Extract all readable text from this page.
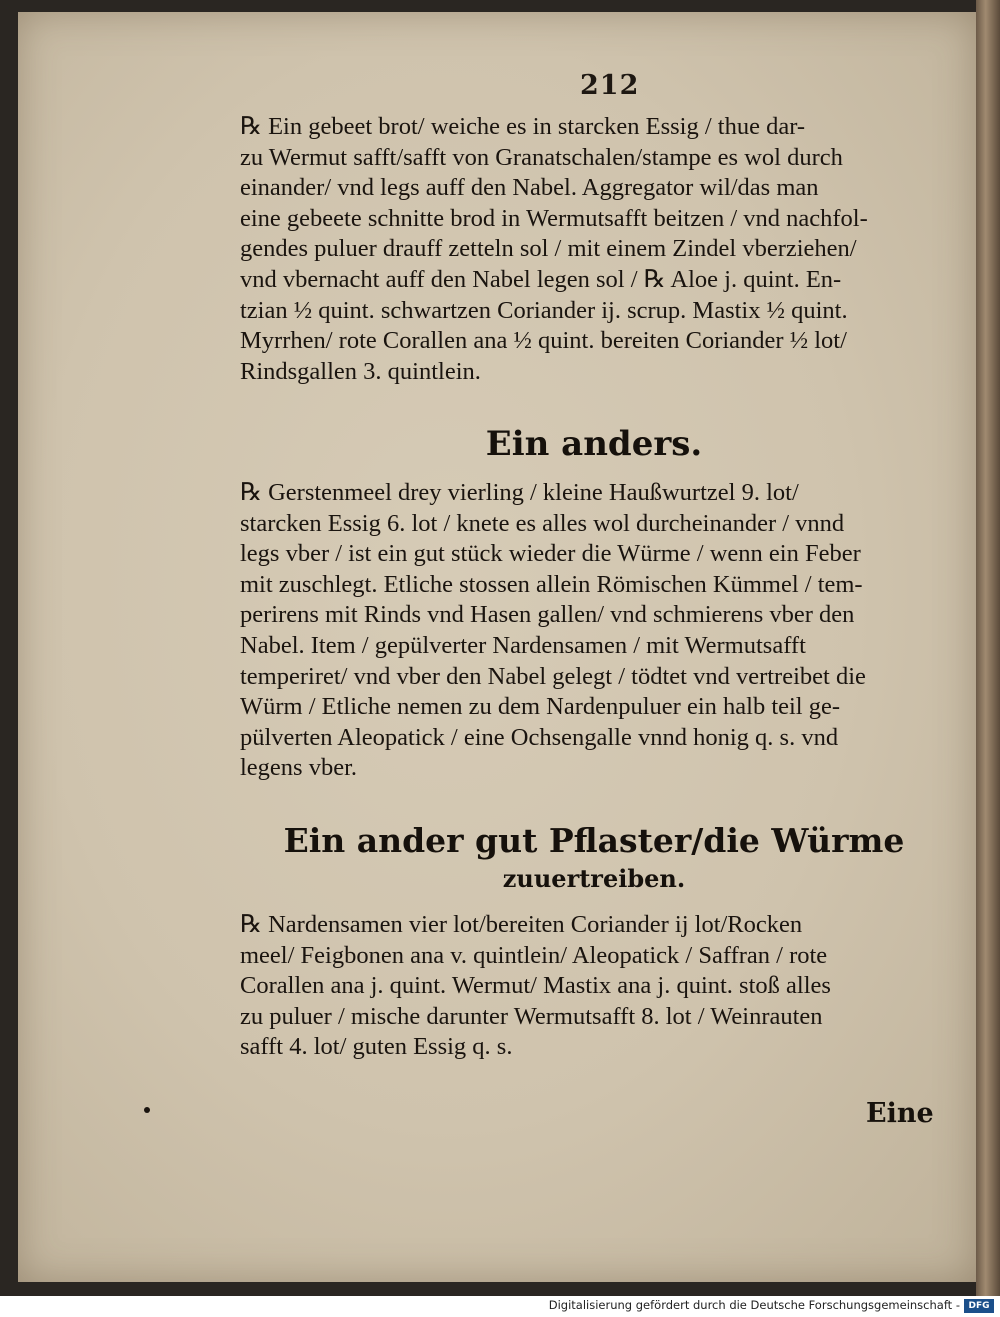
212
℞ Ein gebeet brot/ weiche es in starcken Essig / thue dar-
zu Wermut safft/safft von Granatschalen/stampe es wol durch
einander/ vnd legs auff den Nabel. Aggregator wil/das man
eine gebeete schnitte brod in Wermutsafft beitzen / vnd nachfol-
gendes puluer drauff zetteln sol / mit einem Zindel vberziehen/
vnd vbernacht auff den Nabel legen sol / ℞ Aloe j. quint. En-
tzian ½ quint. schwartzen Coriander ij. scrup. Mastix ½ quint.
Myrrhen/ rote Corallen ana ½ quint. bereiten Coriander ½ lot/
Rindsgallen 3. quintlein.
Ein anders.
℞ Gerstenmeel drey vierling / kleine Haußwurtzel 9. lot/
starcken Essig 6. lot / knete es alles wol durcheinander / vnnd
legs vber / ist ein gut stück wieder die Würme / wenn ein Feber
mit zuschlegt. Etliche stossen allein Römischen Kümmel / tem-
perirens mit Rinds vnd Hasen gallen/ vnd schmierens vber den
Nabel. Item / gepülverter Nardensamen / mit Wermutsafft
temperiret/ vnd vber den Nabel gelegt / tödtet vnd vertreibet die
Würm / Etliche nemen zu dem Nardenpuluer ein halb teil ge-
pülverten Aleopatick / eine Ochsengalle vnnd honig q. s. vnd
legens vber.
Ein ander gut Pflaster/die Würme
zuuertreiben.
℞ Nardensamen vier lot/bereiten Coriander ij lot/Rocken
meel/ Feigbonen ana v. quintlein/ Aleopatick / Saffran / rote
Corallen ana j. quint. Wermut/ Mastix ana j. quint. stoß alles
zu puluer / mische darunter Wermutsafft 8. lot / Weinrauten
safft 4. lot/ guten Essig q. s.
Eine
Digitalisierung gefördert durch die Deutsche Forschungsgemeinschaft - DFG
